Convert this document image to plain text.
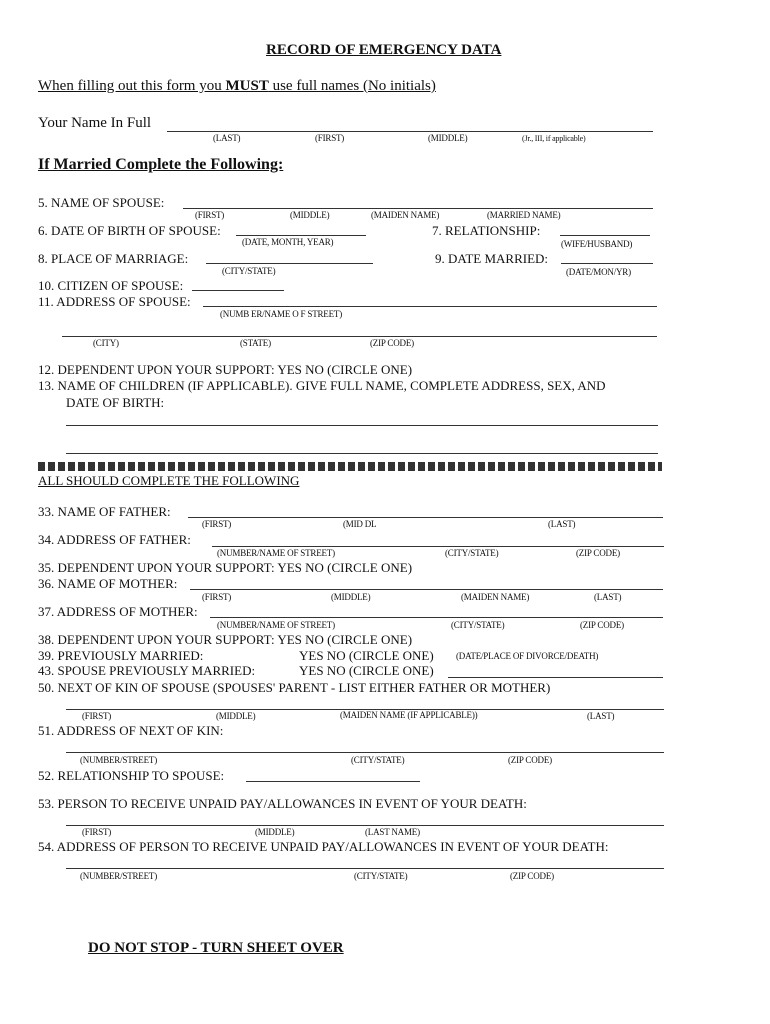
RECORD OF EMERGENCY DATA
When filling out this form you MUST use full names (No initials)
Your Name In Full
(LAST)	(FIRST)	(MIDDLE)	(Jr., III, if applicable)
If Married Complete the Following:
5. NAME OF SPOUSE:
(FIRST)	(MIDDLE)	(MAIDEN NAME)	(MARRIED NAME)
6. DATE OF BIRTH OF SPOUSE:	7. RELATIONSHIP:
(DATE, MONTH, YEAR)	(WIFE/HUSBAND)
8. PLACE OF MARRIAGE:	9. DATE MARRIED:
(CITY/STATE)	(DATE/MON/YR)
10. CITIZEN OF SPOUSE:
11. ADDRESS OF SPOUSE:
(NUMB ER/NAME O F STREET)
(CITY)	(STATE)	(ZIP CODE)
12. DEPENDENT UPON YOUR SUPPORT: YES NO (CIRCLE ONE)
13. NAME OF CHILDREN (IF APPLICABLE). GIVE FULL NAME, COMPLETE ADDRESS, SEX, AND
DATE OF BIRTH:
ALL SHOULD COMPLETE THE FOLLOWING
33. NAME OF FATHER:
(FIRST)	(MID DL	(LAST)
34. ADDRESS OF FATHER:
(NUMBER/NAME OF STREET)	(CITY/STATE)	(ZIP CODE)
35. DEPENDENT UPON YOUR SUPPORT: YES NO (CIRCLE ONE)
36. NAME OF MOTHER:
(FIRST)	(MIDDLE)	(MAIDEN NAME)	(LAST)
37. ADDRESS OF MOTHER:
(NUMBER/NAME OF STREET)	(CITY/STATE)	(ZIP CODE)
38. DEPENDENT UPON YOUR SUPPORT: YES NO (CIRCLE ONE)
39. PREVIOUSLY MARRIED:	YES NO (CIRCLE ONE) (DATE/PLACE OF DIVORCE/DEATH)
43. SPOUSE PREVIOUSLY MARRIED:	YES NO (CIRCLE ONE)
50. NEXT OF KIN OF SPOUSE (SPOUSES' PARENT - LIST EITHER FATHER OR MOTHER)
(FIRST)	(MIDDLE)	(MAIDEN NAME (IF APPLICABLE))	(LAST)
51. ADDRESS OF NEXT OF KIN:
(NUMBER/STREET)	(CITY/STATE)	(ZIP CODE)
52. RELATIONSHIP TO SPOUSE:
53. PERSON TO RECEIVE UNPAID PAY/ALLOWANCES IN EVENT OF YOUR DEATH:
(FIRST)	(MIDDLE)	(LAST NAME)
54. ADDRESS OF PERSON TO RECEIVE UNPAID PAY/ALLOWANCES IN EVENT OF YOUR DEATH:
(NUMBER/STREET)	(CITY/STATE)	(ZIP CODE)
DO NOT STOP - TURN SHEET OVER
